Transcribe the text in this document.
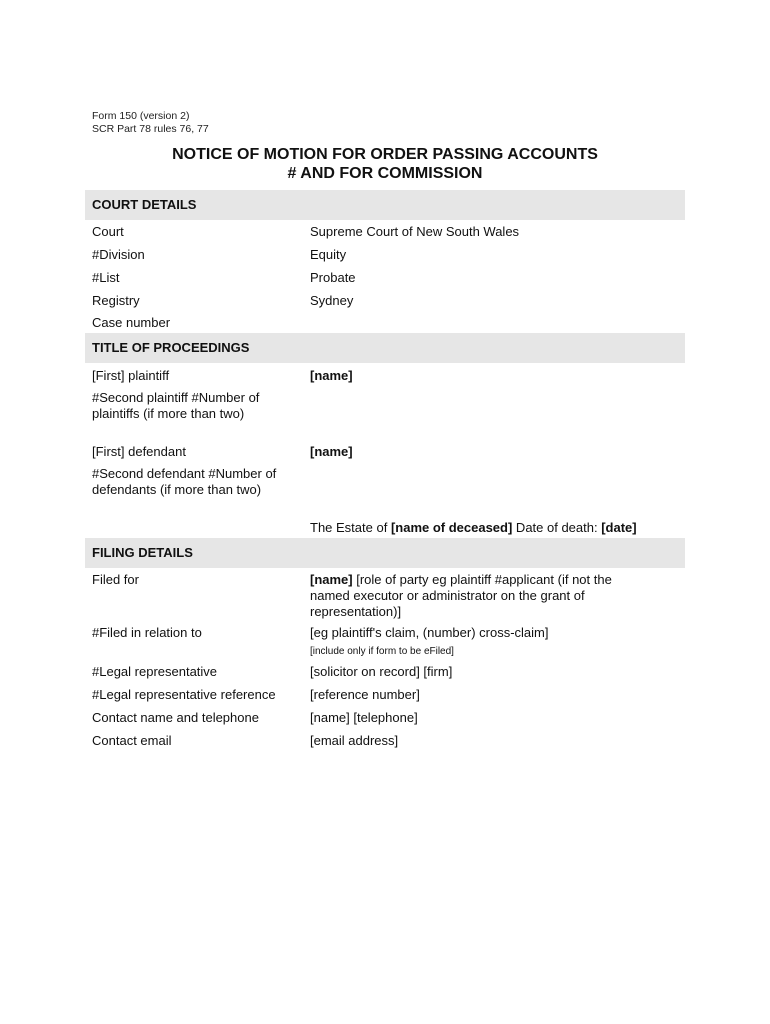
Form 150 (version 2)
SCR Part 78 rules 76, 77
NOTICE OF MOTION FOR ORDER PASSING ACCOUNTS
# AND FOR COMMISSION
COURT DETAILS
Court	Supreme Court of New South Wales
#Division	Equity
#List	Probate
Registry	Sydney
Case number
TITLE OF PROCEEDINGS
[First] plaintiff	[name]
#Second plaintiff #Number of
plaintiffs (if more than two)
[First] defendant	[name]
#Second defendant #Number of
defendants (if more than two)
The Estate of [name of deceased] Date of death: [date]
FILING DETAILS
Filed for	[name] [role of party eg plaintiff #applicant (if not the
named executor or administrator on the grant of
representation)]
#Filed in relation to	[eg plaintiff's claim, (number) cross-claim]
[include only if form to be eFiled]
#Legal representative	[solicitor on record] [firm]
#Legal representative reference	[reference number]
Contact name and telephone	[name] [telephone]
Contact email	[email address]
